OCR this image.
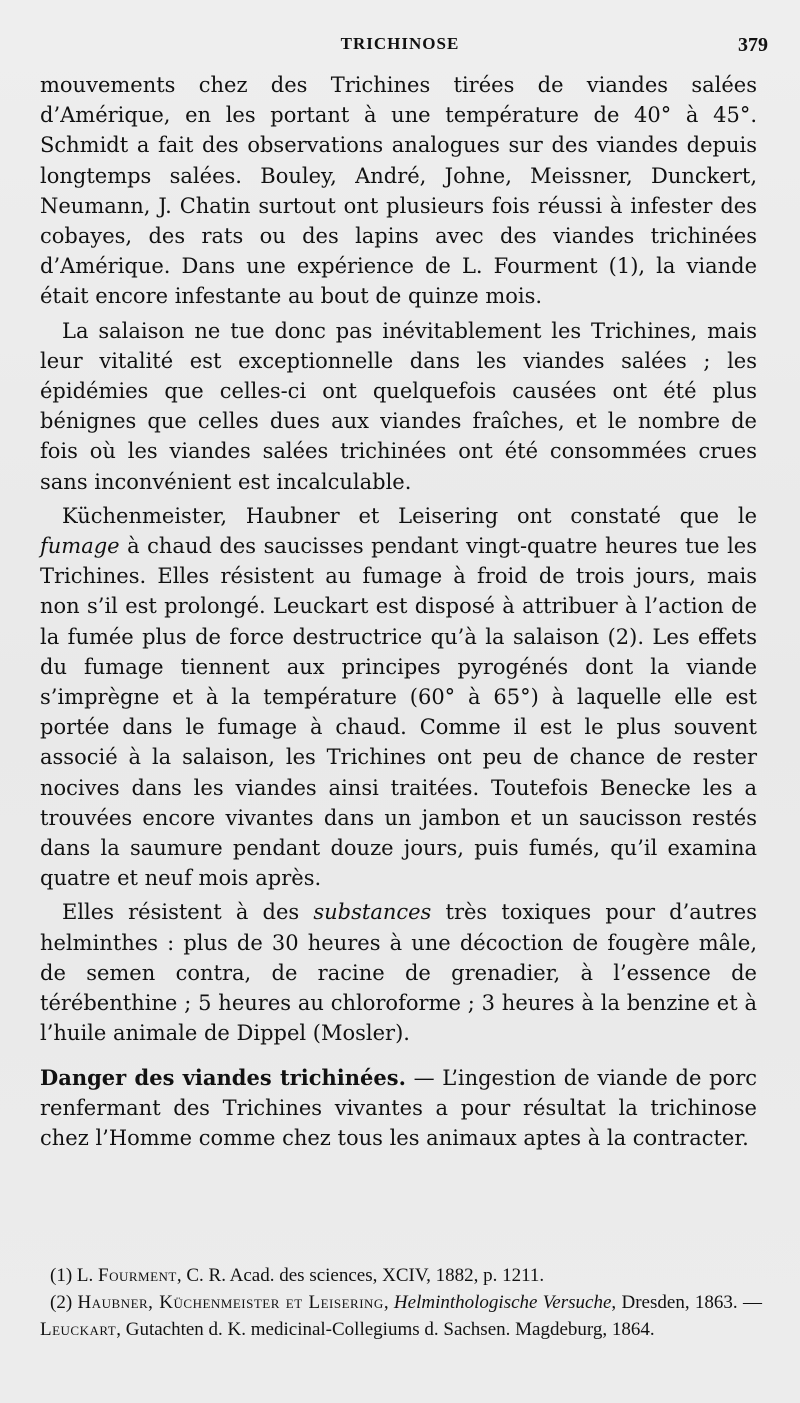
TRICHINOSE	379

mouvements chez des Trichines tirées de viandes salées d’Amérique, en les portant à une température de 40° à 45°. Schmidt a fait des observations analogues sur des viandes depuis longtemps salées. Bouley, André, Johne, Meissner, Dunckert, Neumann, J. Chatin surtout ont plusieurs fois réussi à infester des cobayes, des rats ou des lapins avec des viandes trichinées d’Amérique. Dans une expérience de L. Fourment (1), la viande était encore infestante au bout de quinze mois.

La salaison ne tue donc pas inévitablement les Trichines, mais leur vitalité est exceptionnelle dans les viandes salées ; les épidémies que celles-ci ont quelquefois causées ont été plus bénignes que celles dues aux viandes fraîches, et le nombre de fois où les viandes salées trichinées ont été consommées crues sans inconvénient est incalculable.

Küchenmeister, Haubner et Leisering ont constaté que le fumage à chaud des saucisses pendant vingt-quatre heures tue les Trichines. Elles résistent au fumage à froid de trois jours, mais non s’il est prolongé. Leuckart est disposé à attribuer à l’action de la fumée plus de force destructrice qu’à la salaison (2). Les effets du fumage tiennent aux principes pyrogénés dont la viande s’imprègne et à la température (60° à 65°) à laquelle elle est portée dans le fumage à chaud. Comme il est le plus souvent associé à la salaison, les Trichines ont peu de chance de rester nocives dans les viandes ainsi traitées. Toutefois Benecke les a trouvées encore vivantes dans un jambon et un saucisson restés dans la saumure pendant douze jours, puis fumés, qu’il examina quatre et neuf mois après.

Elles résistent à des substances très toxiques pour d’autres helminthes : plus de 30 heures à une décoction de fougère mâle, de semen contra, de racine de grenadier, à l’essence de térébenthine ; 5 heures au chloroforme ; 3 heures à la benzine et à l’huile animale de Dippel (Mosler).

Danger des viandes trichinées. — L’ingestion de viande de porc renfermant des Trichines vivantes a pour résultat la trichinose chez l’Homme comme chez tous les animaux aptes à la contracter.

(1) L. Fourment, C. R. Acad. des sciences, XCIV, 1882, p. 1211.

(2) Haubner, Küchenmeister et Leisering, Helminthologische Versuche, Dresden, 1863. — Leuckart, Gutachten d. K. medicinal-Collegiums d. Sachsen. Magdeburg, 1864.
